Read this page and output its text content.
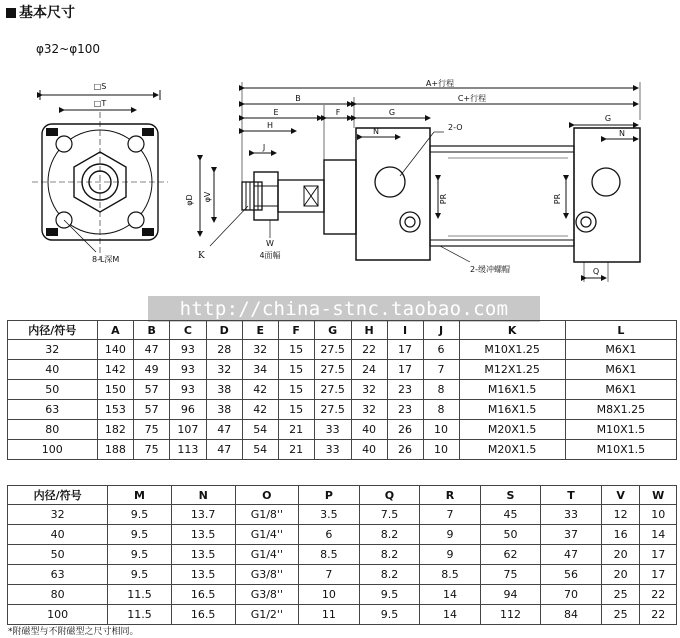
基本尺寸
φ32~φ100
□S
□T
8-L深M
A+行程
B	C+行程
E	F	G
G
H
N	N
2-O
J
φD φV	PR	PR
K
W
4面幅
Q
2-缓冲螺帽
http://china-stnc.taobao.com
内径/符号	A	B	C	D	E	F	G	H	I	J	K	L
32	140	47	93	28	32	15	27.5	22	17	6	M10X1.25	M6X1
40	142	49	93	32	34	15	27.5	24	17	7	M12X1.25	M6X1
50	150	57	93	38	42	15	27.5	32	23	8	M16X1.5	M6X1
63	153	57	96	38	42	15	27.5	32	23	8	M16X1.5	M8X1.25
80	182	75	107	47	54	21	33	40	26	10	M20X1.5	M10X1.5
100	188	75	113	47	54	21	33	40	26	10	M20X1.5	M10X1.5
内径/符号	M	N	O	P	Q	R	S	T	V	W
32	9.5	13.7	G1/8''	3.5	7.5	7	45	33	12	10
40	9.5	13.5	G1/4''	6	8.2	9	50	37	16	14
50	9.5	13.5	G1/4''	8.5	8.2	9	62	47	20	17
63	9.5	13.5	G3/8''	7	8.2	8.5	75	56	20	17
80	11.5	16.5	G3/8''	10	9.5	14	94	70	25	22
100	11.5	16.5	G1/2''	11	9.5	14	112	84	25	22
*附磁型与不附磁型之尺寸相同。
